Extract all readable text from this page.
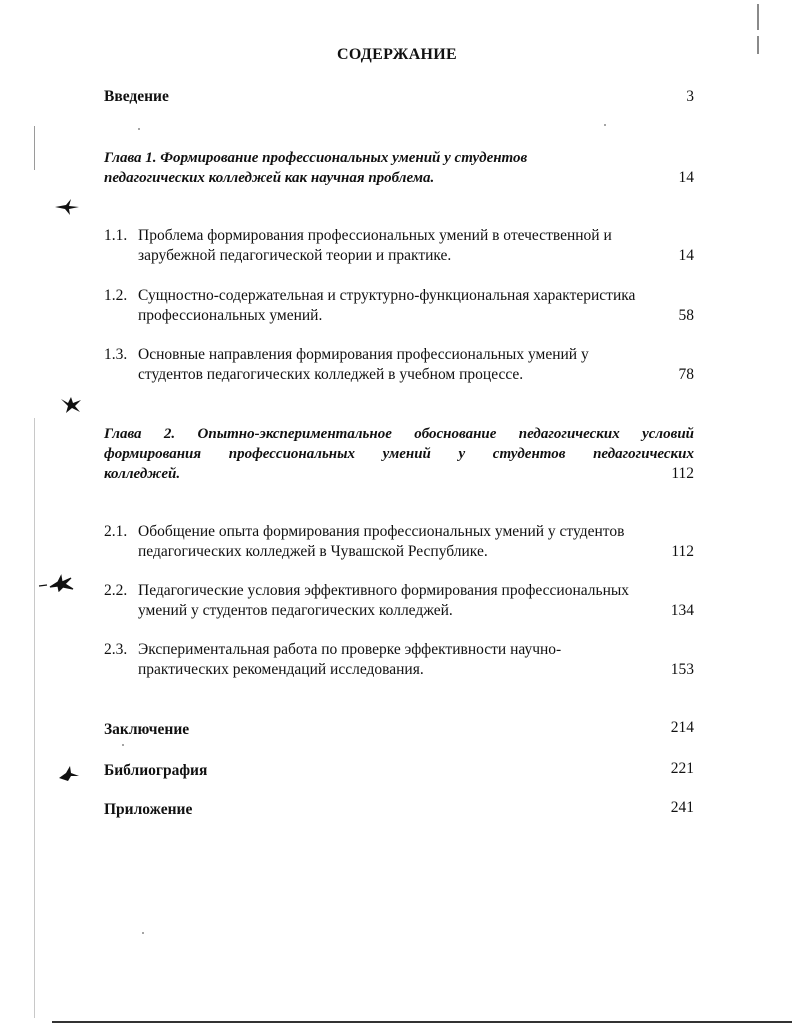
СОДЕРЖАНИЕ
Введение	3
Глава 1. Формирование профессиональных умений у студентов
педагогических колледжей как научная проблема.	14
1.1. Проблема формирования профессиональных умений в отечественной и
зарубежной педагогической теории и практике.	14
1.2. Сущностно-содержательная и структурно-функциональная характеристика
профессиональных умений.	58
1.3. Основные направления формирования профессиональных умений у
студентов педагогических колледжей в учебном процессе.	78
Глава 2. Опытно-экспериментальное обоснование педагогических условий
формирования профессиональных умений у студентов педагогических
колледжей.	112
2.1. Обобщение опыта формирования профессиональных умений у студентов
педагогических колледжей в Чувашской Республике.	112
2.2. Педагогические условия эффективного формирования профессиональных
умений у студентов педагогических колледжей.	134
2.3. Экспериментальная работа по проверке эффективности научно-
практических рекомендаций исследования.	153
Заключение	214
Библиография	221
Приложение	241
